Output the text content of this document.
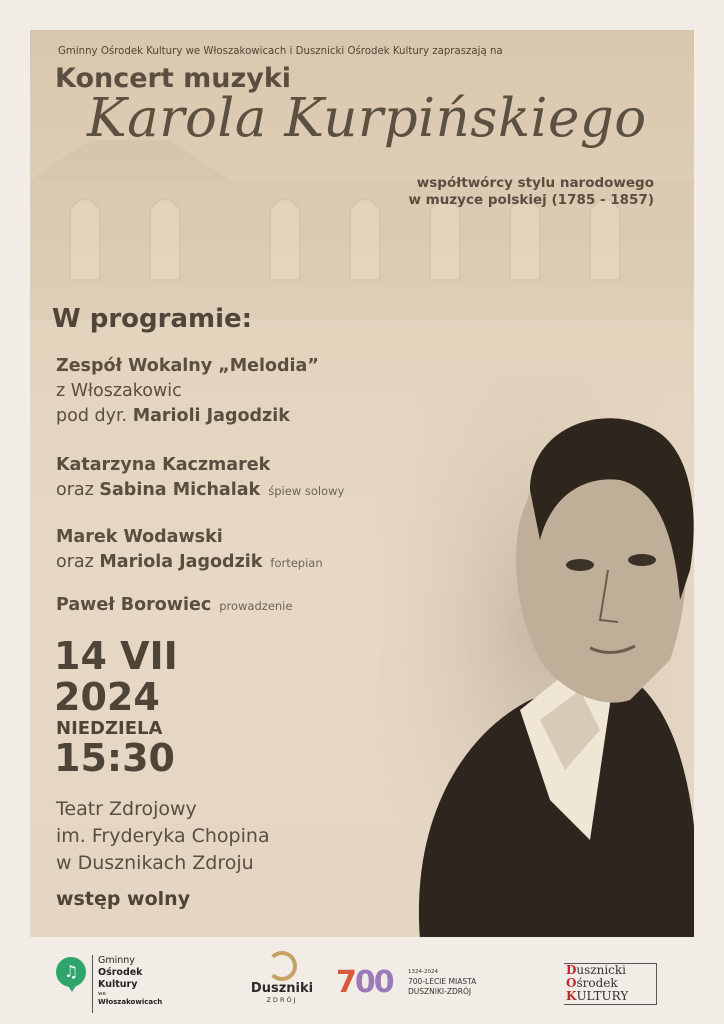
Gminny Ośrodek Kultury we Włoszakowicach i Dusznicki Ośrodek Kultury zapraszają na
Koncert muzyki
Karola Kurpińskiego
współtwórcy stylu narodowego
w muzyce polskiej (1785 - 1857)
W programie:
Zespół Wokalny „Melodia”
z Włoszakowic
pod dyr. Marioli Jagodzik
Katarzyna Kaczmarek
oraz Sabina Michalak śpiew solowy
Marek Wodawski
oraz Mariola Jagodzik fortepian
Paweł Borowiec prowadzenie
14 VII
2024
NIEDZIELA
15:30
Teatr Zdrojowy
im. Fryderyka Chopina
w Dusznikach Zdroju
wstęp wolny
♫
Gminny
Ośrodek
Kultury
we
Włoszakowicach
Duszniki
ZDRÓJ	700	1324-2024
700-LECIE MIASTA
DUSZNIKI-ZDRÓJ
Dusznicki
Ośrodek
KULTURY
